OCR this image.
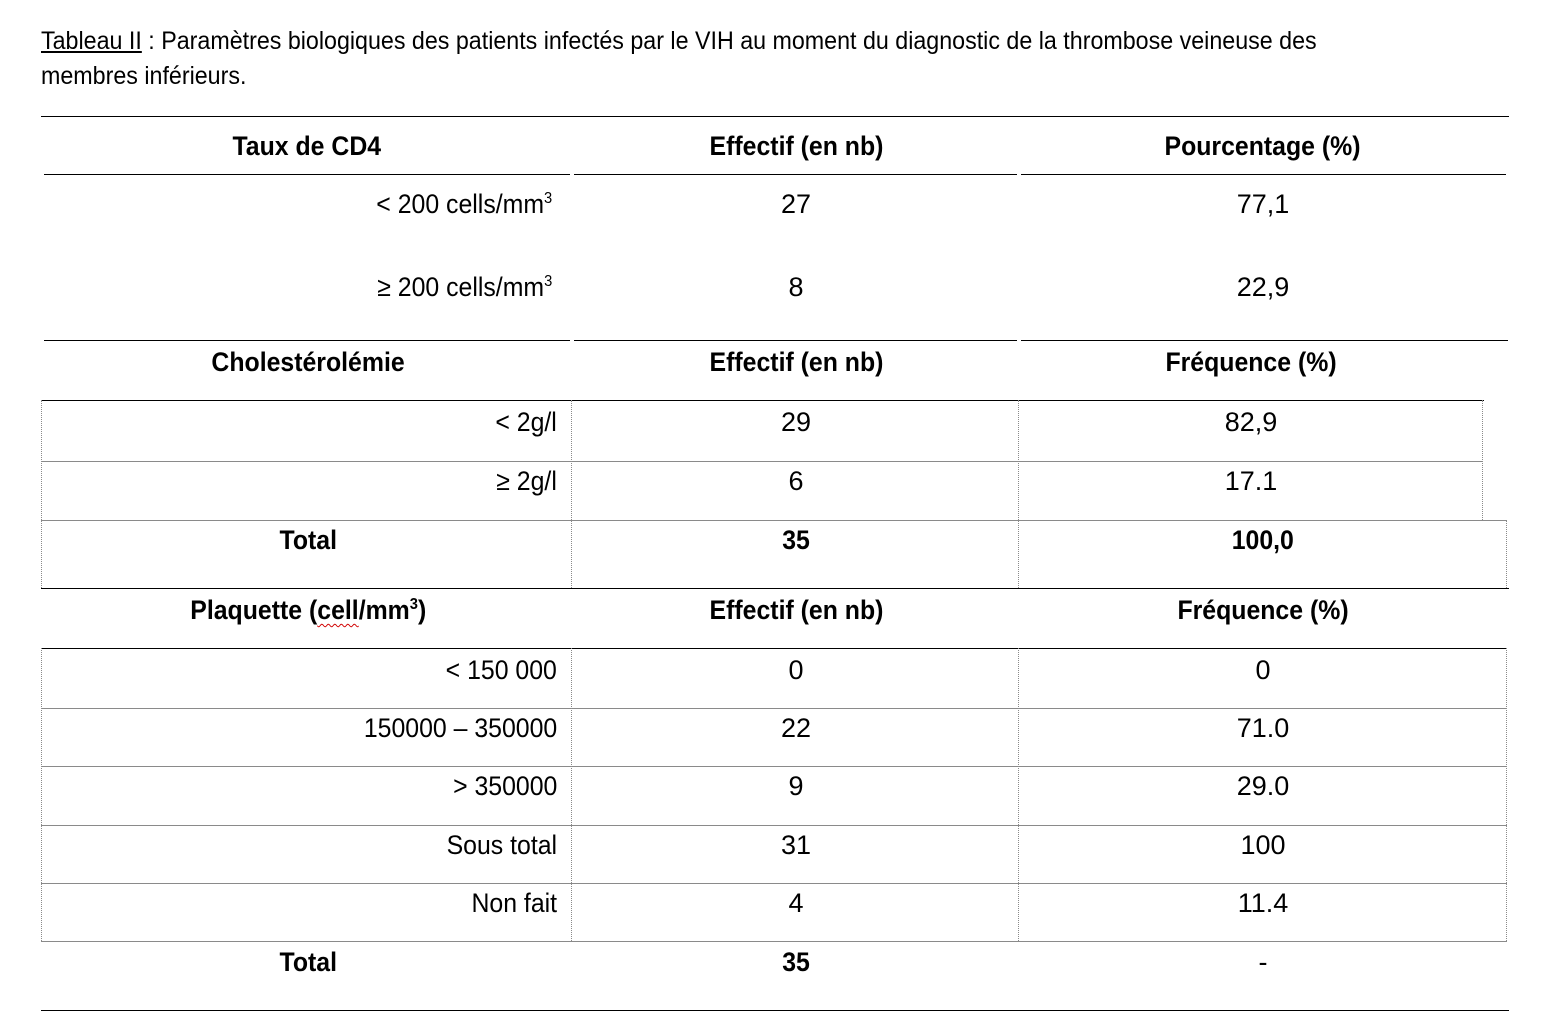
Tableau II : Paramètres biologiques des patients infectés par le VIH au moment du diagnostic de la thrombose veineuse des membres inférieurs.
Taux de CD4	Effectif (en nb)	Pourcentage (%)
< 200 cells/$mm^3$	27	77,1
≥ 200 cells/$mm^3$	8	22,9
Cholestérolémie	Effectif (en nb)	Fréquence (%)
< 2g/l	29	82,9
≥ 2g/l	6	17.1
Total	35	100,0
Plaquette $(cell/mm^3)$	Effectif (en nb)	Fréquence (%)
< 150 000	0	0
150000 – 350000	22	71.0
> 350000	9	29.0
Sous total	31	100
Non fait	4	11.4
Total	35	-
